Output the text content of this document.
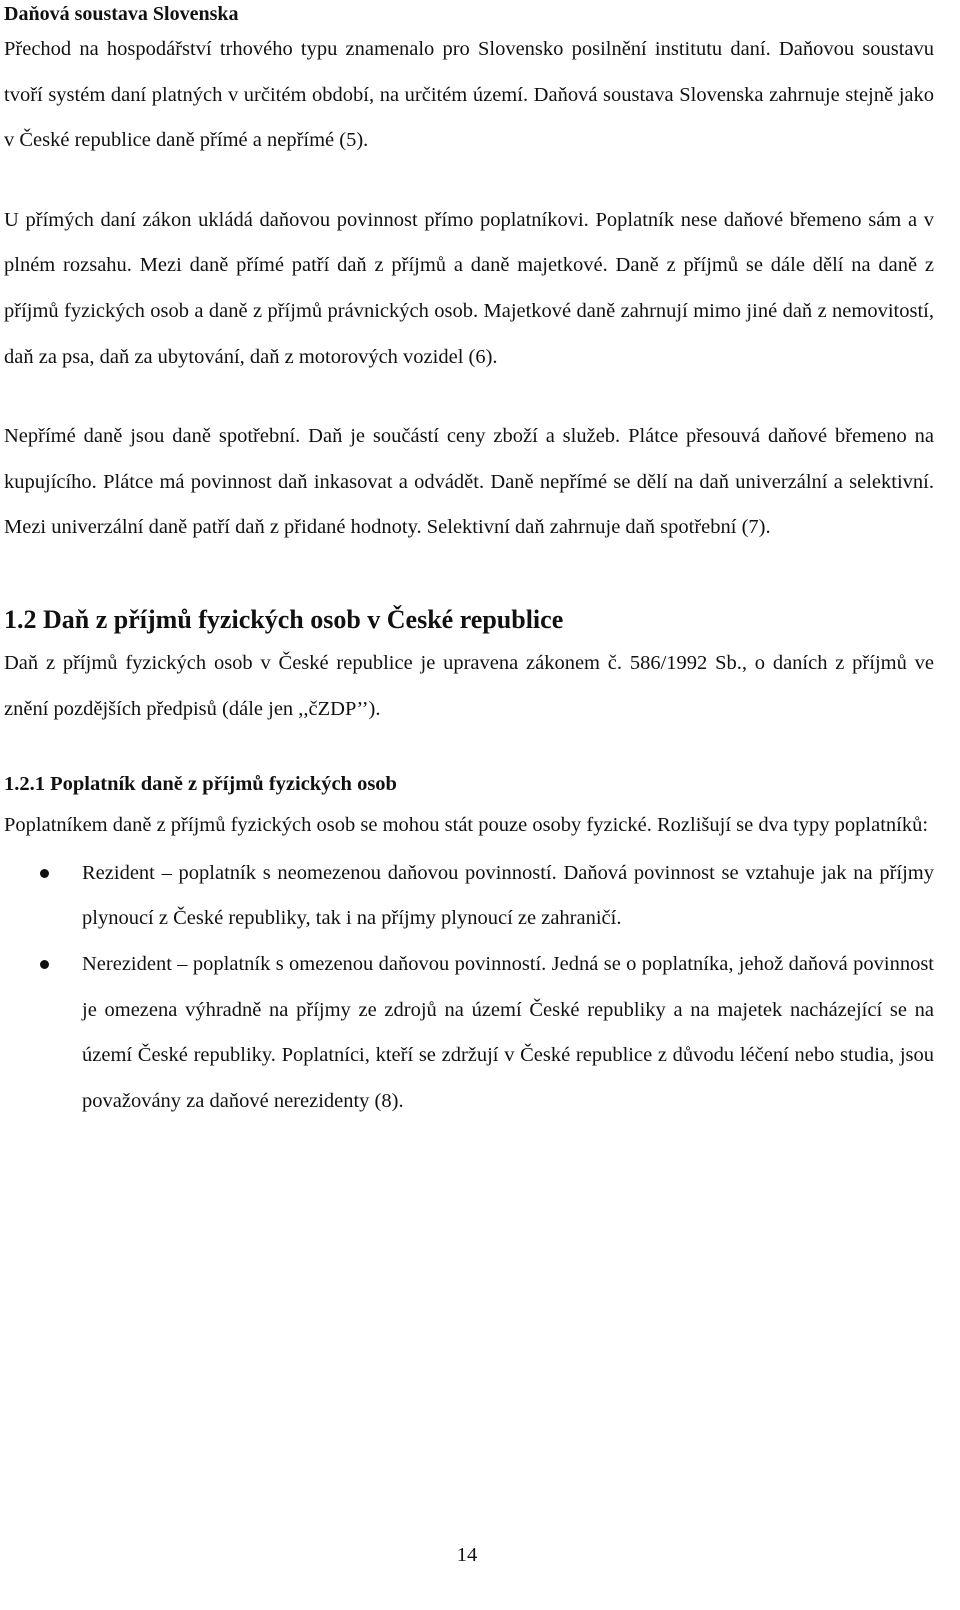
Daňová soustava Slovenska

Přechod na hospodářství trhového typu znamenalo pro Slovensko posilnění institutu daní. Daňovou soustavu tvoří systém daní platných v určitém období, na určitém území. Daňová soustava Slovenska zahrnuje stejně jako v České republice daně přímé a nepřímé (5).

U přímých daní zákon ukládá daňovou povinnost přímo poplatníkovi. Poplatník nese daňové břemeno sám a v plném rozsahu. Mezi daně přímé patří daň z příjmů a daně majetkové. Daně z příjmů se dále dělí na daně z příjmů fyzických osob a daně z příjmů právnických osob. Majetkové daně zahrnují mimo jiné daň z nemovitostí, daň za psa, daň za ubytování, daň z motorových vozidel (6).

Nepřímé daně jsou daně spotřební. Daň je součástí ceny zboží a služeb. Plátce přesouvá daňové břemeno na kupujícího. Plátce má povinnost daň inkasovat a odvádět. Daně nepřímé se dělí na daň univerzální a selektivní. Mezi univerzální daně patří daň z přidané hodnoty. Selektivní daň zahrnuje daň spotřební (7).

1.2 Daň z příjmů fyzických osob v České republice

Daň z příjmů fyzických osob v České republice je upravena zákonem č. 586/1992 Sb., o daních z příjmů ve znění pozdějších předpisů (dále jen ,,čZDP’’).

1.2.1 Poplatník daně z příjmů fyzických osob

Poplatníkem daně z příjmů fyzických osob se mohou stát pouze osoby fyzické. Rozlišují se dva typy poplatníků:

Rezident – poplatník s neomezenou daňovou povinností. Daňová povinnost se vztahuje jak na příjmy plynoucí z České republiky, tak i na příjmy plynoucí ze zahraničí.
Nerezident – poplatník s omezenou daňovou povinností. Jedná se o poplatníka, jehož daňová povinnost je omezena výhradně na příjmy ze zdrojů na území České republiky a na majetek nacházející se na území České republiky. Poplatníci, kteří se zdržují v České republice z důvodu léčení nebo studia, jsou považovány za daňové nerezidenty (8).
14
